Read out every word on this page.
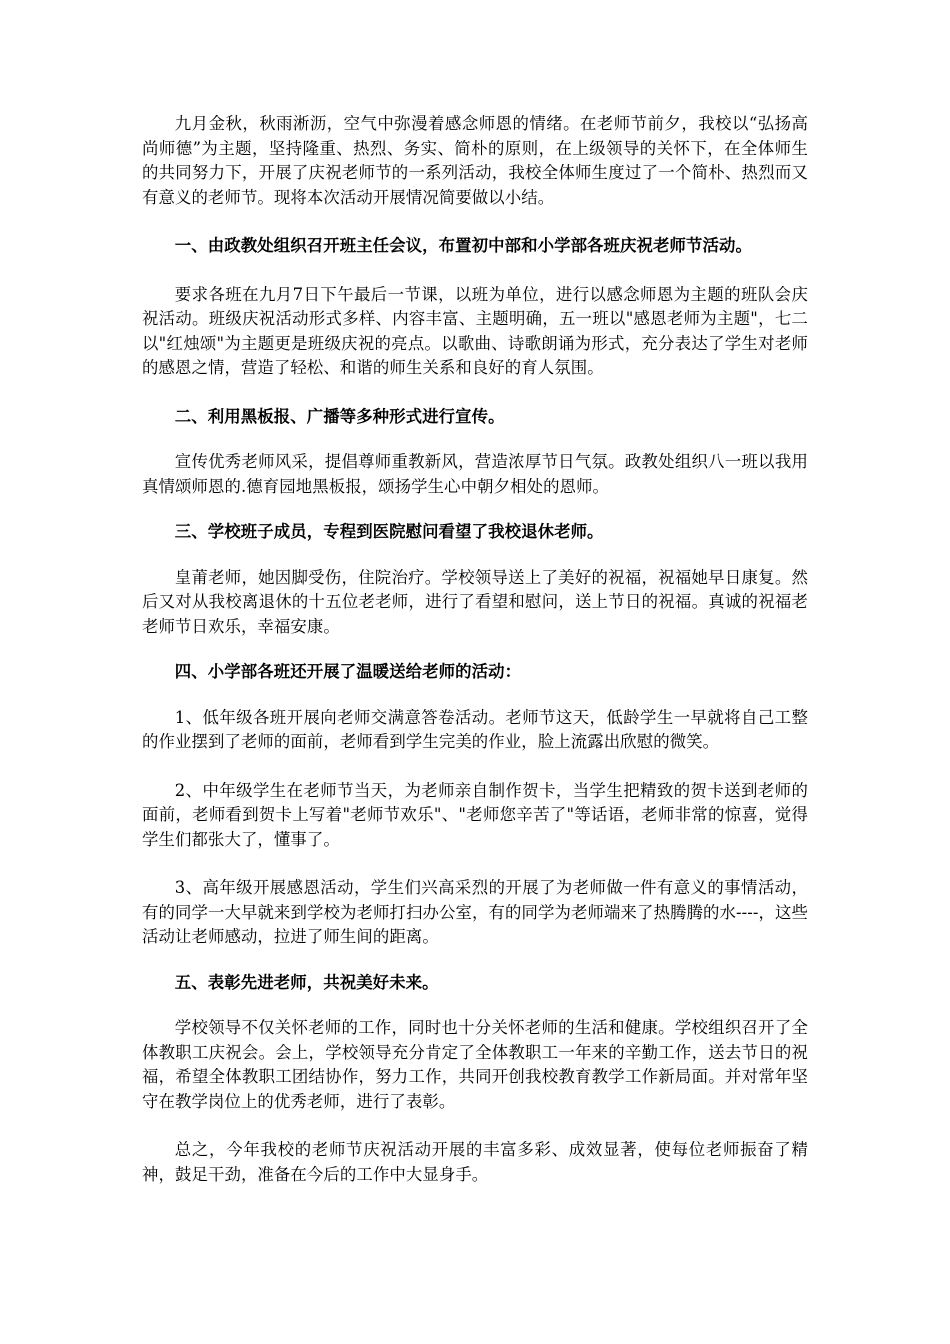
九月金秋，秋雨淅沥，空气中弥漫着感念师恩的情绪。在老师节前夕，我校以“弘扬高尚师德”为主题，坚持隆重、热烈、务实、简朴的原则，在上级领导的关怀下，在全体师生的共同努力下，开展了庆祝老师节的一系列活动，我校全体师生度过了一个简朴、热烈而又有意义的老师节。现将本次活动开展情况简要做以小结。

一、由政教处组织召开班主任会议，布置初中部和小学部各班庆祝老师节活动。

要求各班在九月7日下午最后一节课，以班为单位，进行以感念师恩为主题的班队会庆祝活动。班级庆祝活动形式多样、内容丰富、主题明确，五一班以"感恩老师为主题"，七二以"红烛颂"为主题更是班级庆祝的亮点。以歌曲、诗歌朗诵为形式，充分表达了学生对老师的感恩之情，营造了轻松、和谐的师生关系和良好的育人氛围。

二、利用黑板报、广播等多种形式进行宣传。

宣传优秀老师风采，提倡尊师重教新风，营造浓厚节日气氛。政教处组织八一班以我用真情颂师恩的.德育园地黑板报，颂扬学生心中朝夕相处的恩师。

三、学校班子成员，专程到医院慰问看望了我校退休老师。

皇莆老师，她因脚受伤，住院治疗。学校领导送上了美好的祝福，祝福她早日康复。然后又对从我校离退休的十五位老老师，进行了看望和慰问，送上节日的祝福。真诚的祝福老老师节日欢乐，幸福安康。

四、小学部各班还开展了温暖送给老师的活动：

1、低年级各班开展向老师交满意答卷活动。老师节这天，低龄学生一早就将自己工整的作业摆到了老师的面前，老师看到学生完美的作业，脸上流露出欣慰的微笑。

2、中年级学生在老师节当天，为老师亲自制作贺卡，当学生把精致的贺卡送到老师的面前，老师看到贺卡上写着"老师节欢乐"、"老师您辛苦了"等话语，老师非常的惊喜，觉得学生们都张大了，懂事了。

3、高年级开展感恩活动，学生们兴高采烈的开展了为老师做一件有意义的事情活动，有的同学一大早就来到学校为老师打扫办公室，有的同学为老师端来了热腾腾的水----，这些活动让老师感动，拉进了师生间的距离。

五、表彰先进老师，共祝美好未来。

学校领导不仅关怀老师的工作，同时也十分关怀老师的生活和健康。学校组织召开了全体教职工庆祝会。会上，学校领导充分肯定了全体教职工一年来的辛勤工作，送去节日的祝福，希望全体教职工团结协作，努力工作，共同开创我校教育教学工作新局面。并对常年坚守在教学岗位上的优秀老师，进行了表彰。

总之，今年我校的老师节庆祝活动开展的丰富多彩、成效显著，使每位老师振奋了精神，鼓足干劲，准备在今后的工作中大显身手。
